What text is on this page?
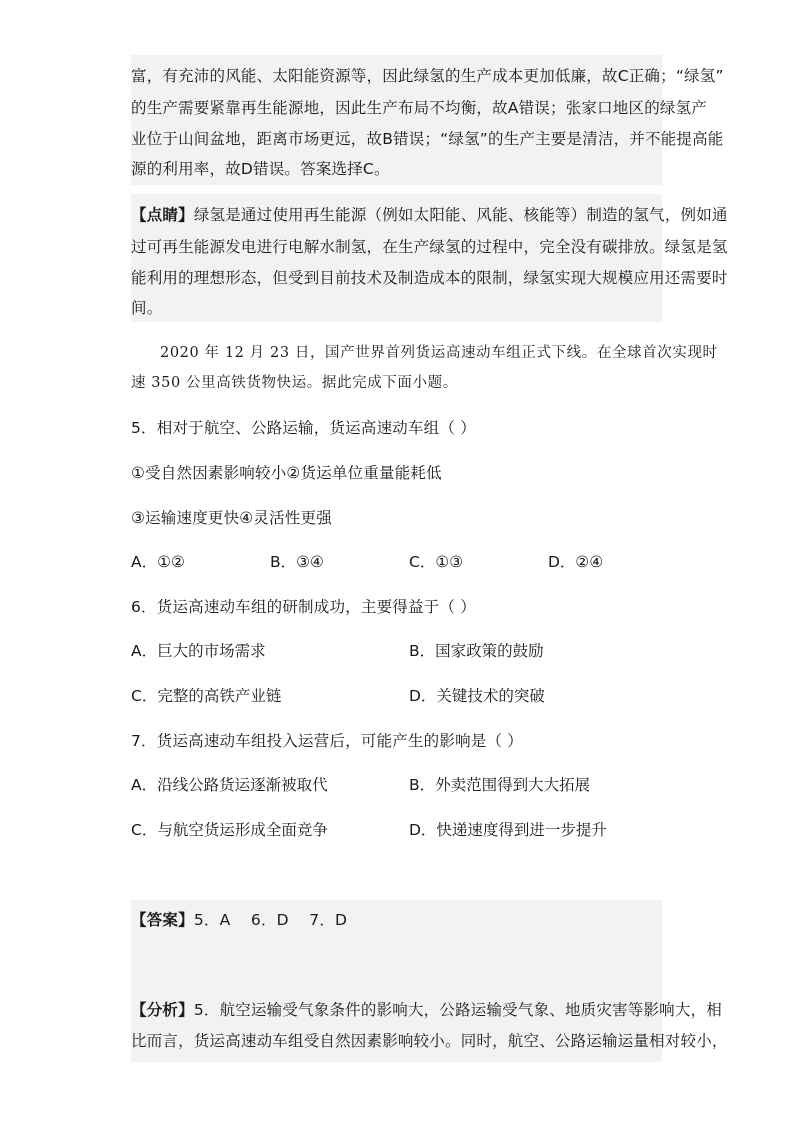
富，有充沛的风能、太阳能资源等，因此绿氢的生产成本更加低廉，故C正确；“绿氢”
的生产需要紧靠再生能源地，因此生产布局不均衡，故A错误；张家口地区的绿氢产
业位于山间盆地，距离市场更远，故B错误；“绿氢”的生产主要是清洁，并不能提高能
源的利用率，故D错误。答案选择C。
【点睛】绿氢是通过使用再生能源（例如太阳能、风能、核能等）制造的氢气，例如通
过可再生能源发电进行电解水制氢，在生产绿氢的过程中，完全没有碳排放。绿氢是氢
能利用的理想形态，但受到目前技术及制造成本的限制，绿氢实现大规模应用还需要时
间。
2020 年 12 月 23 日，国产世界首列货运高速动车组正式下线。在全球首次实现时
速 350 公里高铁货物快运。据此完成下面小题。
5．相对于航空、公路运输，货运高速动车组（ ）
①受自然因素影响较小②货运单位重量能耗低
③运输速度更快④灵活性更强
A．①②	B．③④	C．①③	D．②④
6．货运高速动车组的研制成功，主要得益于（ ）
A．巨大的市场需求	B．国家政策的鼓励
C．完整的高铁产业链	D．关键技术的突破
7．货运高速动车组投入运营后，可能产生的影响是（ ）
A．沿线公路货运逐渐被取代	B．外卖范围得到大大拓展
C．与航空货运形成全面竞争	D．快递速度得到进一步提升
【答案】5．A    6．D    7．D
【分析】5．航空运输受气象条件的影响大，公路运输受气象、地质灾害等影响大，相
比而言，货运高速动车组受自然因素影响较小。同时，航空、公路运输运量相对较小，
